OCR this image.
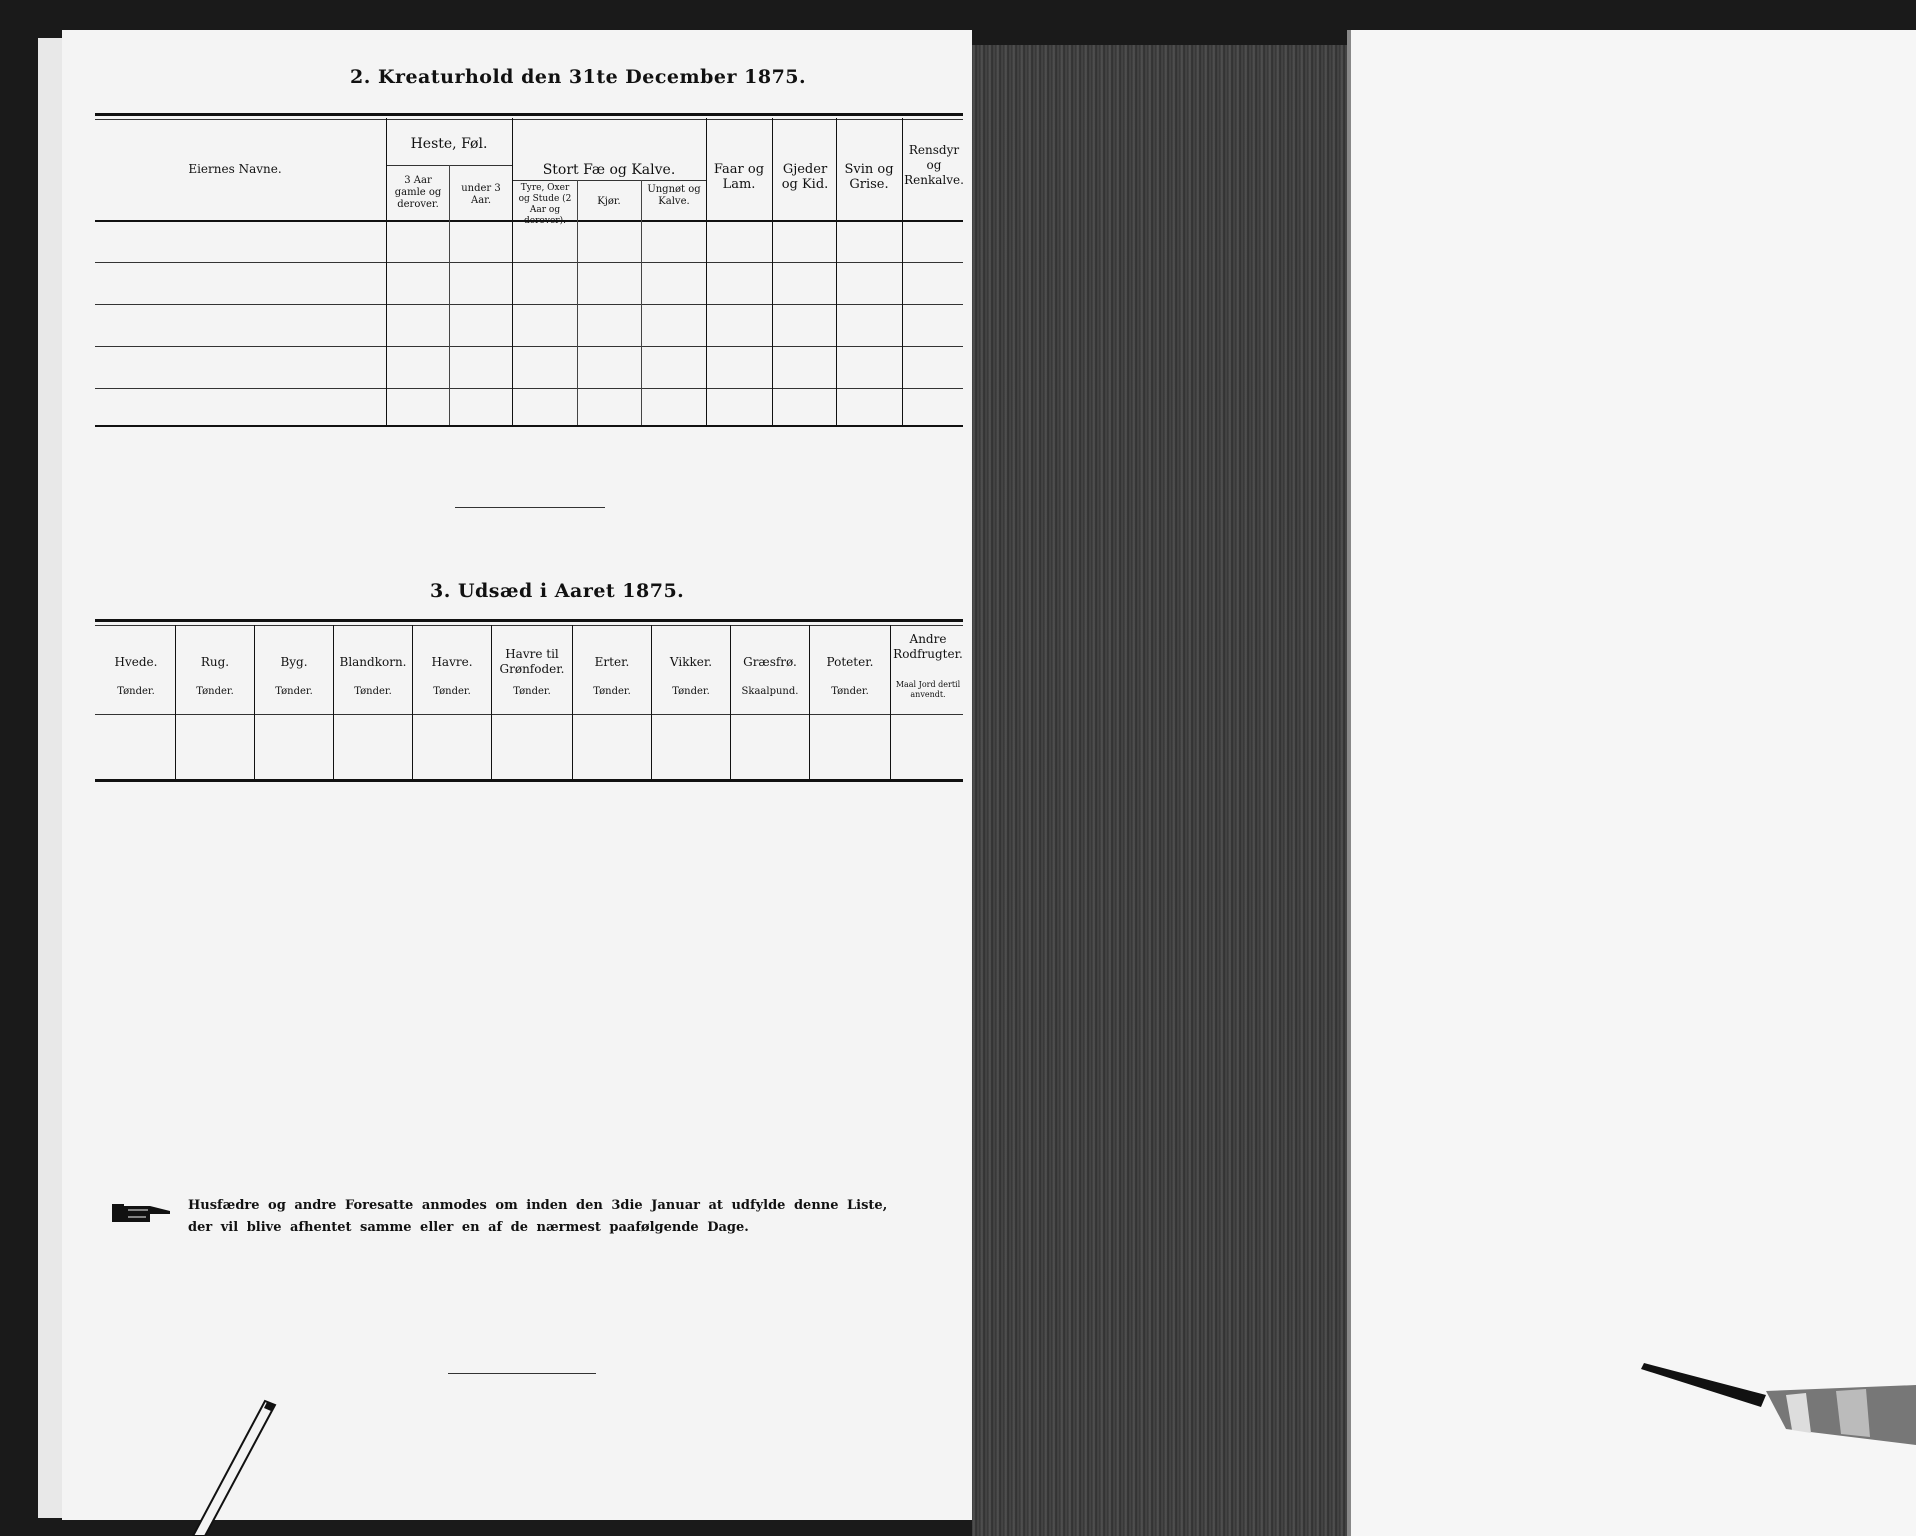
2. Kreaturhold den 31te December 1875.
Eiernes Navne.
Heste, Føl.
3 Aar gamle og derover.
under 3 Aar.
Stort Fæ og Kalve.
Tyre, Oxer og Stude (2 Aar og derover).
Kjør.
Ungnøt og Kalve.
Faar og Lam.
Gjeder og Kid.
Svin og Grise.
Rensdyr og Renkalve.
3. Udsæd i Aaret 1875.
Hvede.
Tønder.
Rug.
Tønder.
Byg.
Tønder.
Blandkorn.
Tønder.
Havre.
Tønder.
Havre til Grønfoder.
Tønder.
Erter.
Tønder.
Vikker.
Tønder.
Græsfrø.
Skaalpund.
Poteter.
Tønder.
Andre Rodfrugter.
Maal Jord dertil anvendt.
Husfædre og andre Foresatte anmodes om inden den 3die Januar at udfylde denne Liste, der vil blive afhentet samme eller en af de nærmest paafølgende Dage.
